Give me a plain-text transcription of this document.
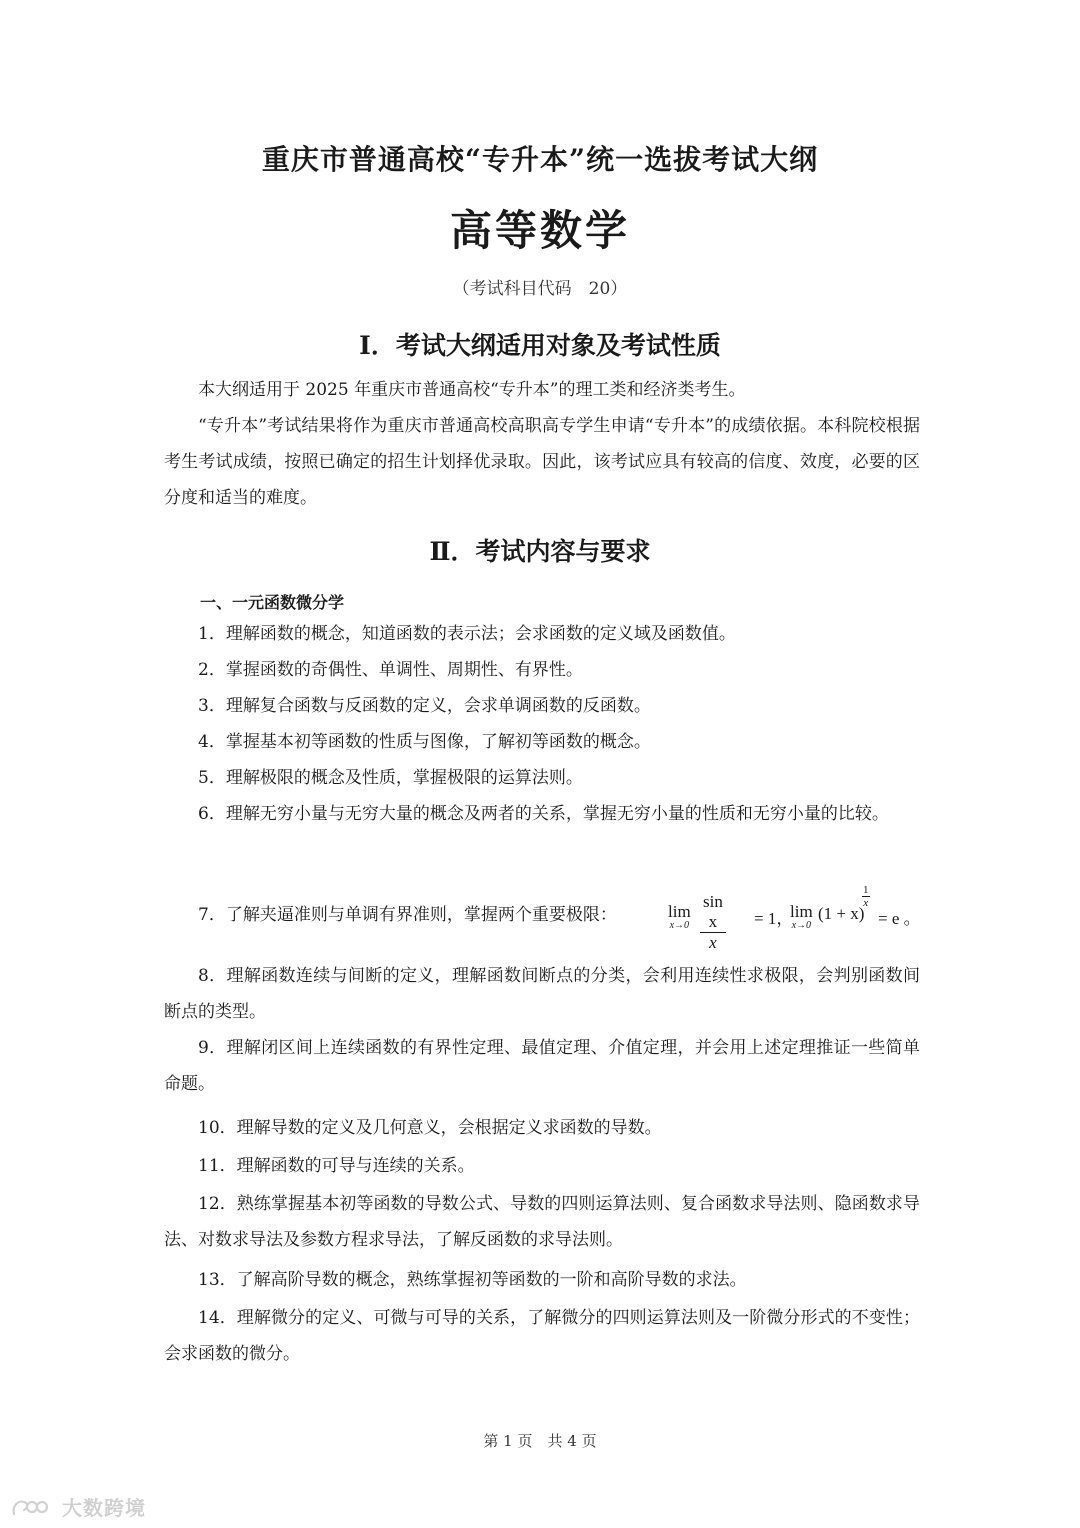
重庆市普通高校“专升本”统一选拔考试大纲
高等数学
（考试科目代码　20）
Ⅰ．考试大纲适用对象及考试性质

本大纲适用于 2025 年重庆市普通高校“专升本”的理工类和经济类考生。

“专升本”考试结果将作为重庆市普通高校高职高专学生申请“专升本”的成绩依据。本科院校根据考生考试成绩，按照已确定的招生计划择优录取。因此，该考试应具有较高的信度、效度，必要的区分度和适当的难度。

Ⅱ．考试内容与要求
一、一元函数微分学

1．理解函数的概念，知道函数的表示法；会求函数的定义域及函数值。

2．掌握函数的奇偶性、单调性、周期性、有界性。

3．理解复合函数与反函数的定义，会求单调函数的反函数。

4．掌握基本初等函数的性质与图像，了解初等函数的概念。

5．理解极限的概念及性质，掌握极限的运算法则。

6．理解无穷小量与无穷大量的概念及两者的关系，掌握无穷小量的性质和无穷小量的比较。

7．了解夹逼准则与单调有界准则，掌握两个重要极限：	lim
$x\to 0 \frac{\text{sin x}}{x} = 1$，
lim
x→0
(1 + x)
$\frac{1}{x}$
= e 。

8．理解函数连续与间断的定义，理解函数间断点的分类，会利用连续性求极限，会判别函数间断点的类型。

9．理解闭区间上连续函数的有界性定理、最值定理、介值定理，并会用上述定理推证一些简单命题。

10．理解导数的定义及几何意义，会根据定义求函数的导数。

11．理解函数的可导与连续的关系。

12．熟练掌握基本初等函数的导数公式、导数的四则运算法则、复合函数求导法则、隐函数求导法、对数求导法及参数方程求导法，了解反函数的求导法则。

13．了解高阶导数的概念，熟练掌握初等函数的一阶和高阶导数的求法。

14．理解微分的定义、可微与可导的关系，了解微分的四则运算法则及一阶微分形式的不变性；会求函数的微分。

第 1 页　共 4 页
大数跨境
